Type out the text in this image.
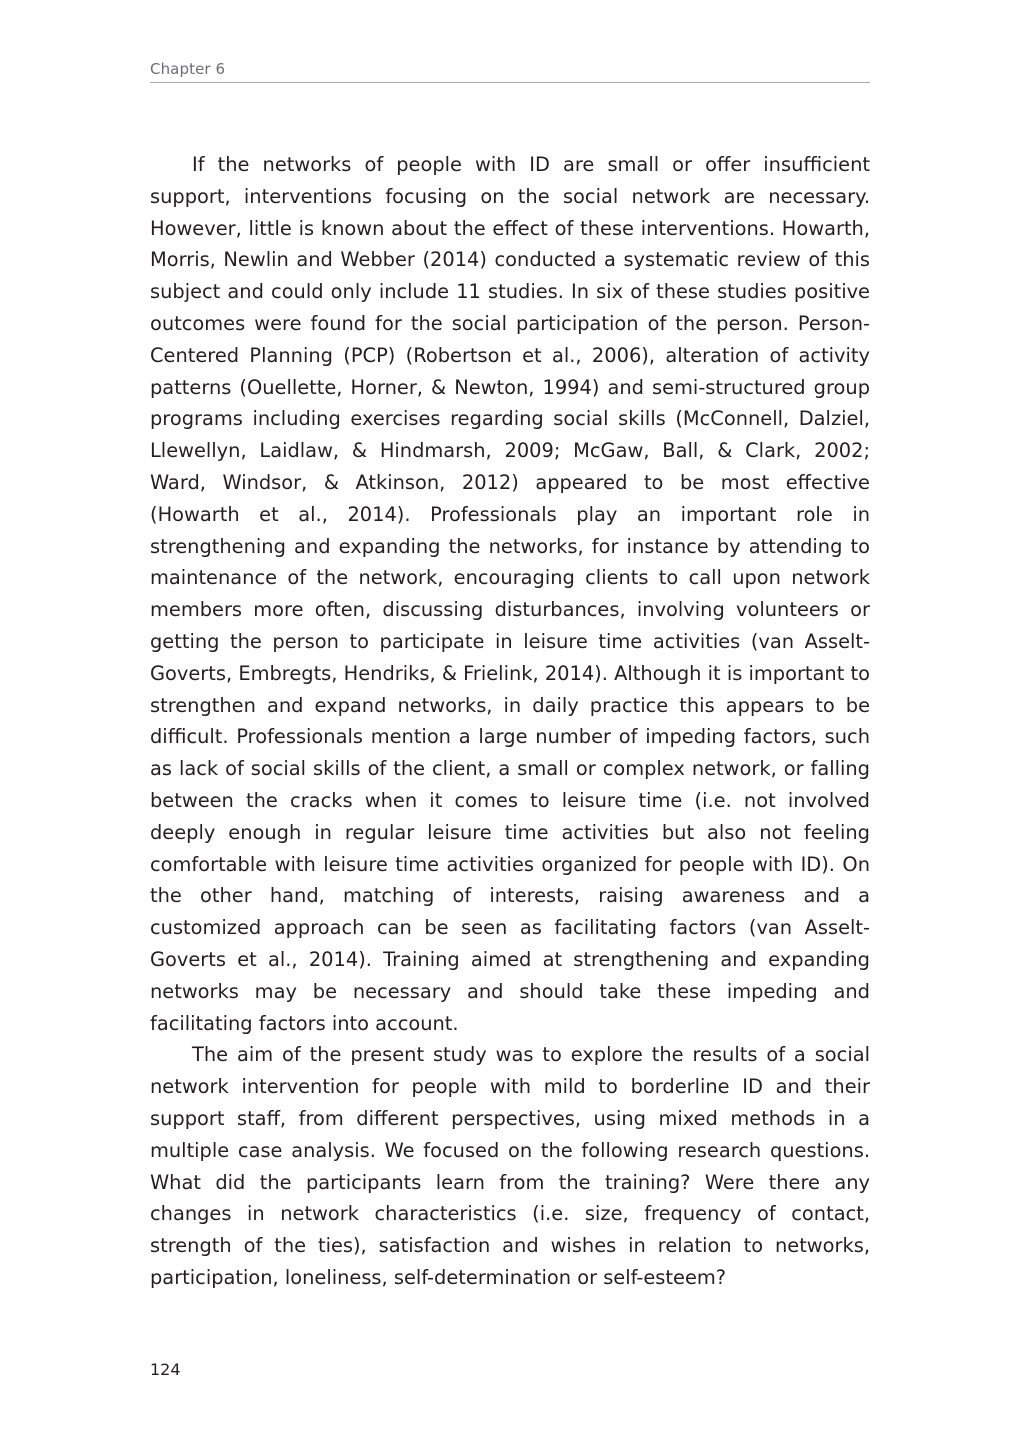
Chapter 6

If the networks of people with ID are small or offer insufficient support, interventions focusing on the social network are necessary. However, little is known about the effect of these interventions. Howarth, Morris, Newlin and Webber (2014) conducted a systematic review of this subject and could only include 11 studies. In six of these studies positive outcomes were found for the social participation of the person. Person-Centered Planning (PCP) (Robertson et al., 2006), alteration of activity patterns (Ouellette, Horner, & Newton, 1994) and semi-structured group programs including exercises regarding social skills (McConnell, Dalziel, Llewellyn, Laidlaw, & Hindmarsh, 2009; McGaw, Ball, & Clark, 2002; Ward, Windsor, & Atkinson, 2012) appeared to be most effective (Howarth et al., 2014). Professionals play an important role in strengthening and expanding the networks, for instance by attending to maintenance of the network, encouraging clients to call upon network members more often, discussing disturbances, involving volunteers or getting the person to participate in leisure time activities (van Asselt-Goverts, Embregts, Hendriks, & Frielink, 2014). Although it is important to strengthen and expand networks, in daily practice this appears to be difficult. Professionals mention a large number of impeding factors, such as lack of social skills of the client, a small or complex network, or falling between the cracks when it comes to leisure time (i.e. not involved deeply enough in regular leisure time activities but also not feeling comfortable with leisure time activities organized for people with ID). On the other hand, matching of interests, raising awareness and a customized approach can be seen as facilitating factors (van Asselt-Goverts et al., 2014). Training aimed at strengthening and expanding networks may be necessary and should take these impeding and facilitating factors into account.

The aim of the present study was to explore the results of a social network intervention for people with mild to borderline ID and their support staff, from different perspectives, using mixed methods in a multiple case analysis. We focused on the following research questions. What did the participants learn from the training? Were there any changes in network characteristics (i.e. size, frequency of contact, strength of the ties), satisfaction and wishes in relation to networks, participation, loneliness, self-determination or self-esteem?

124
